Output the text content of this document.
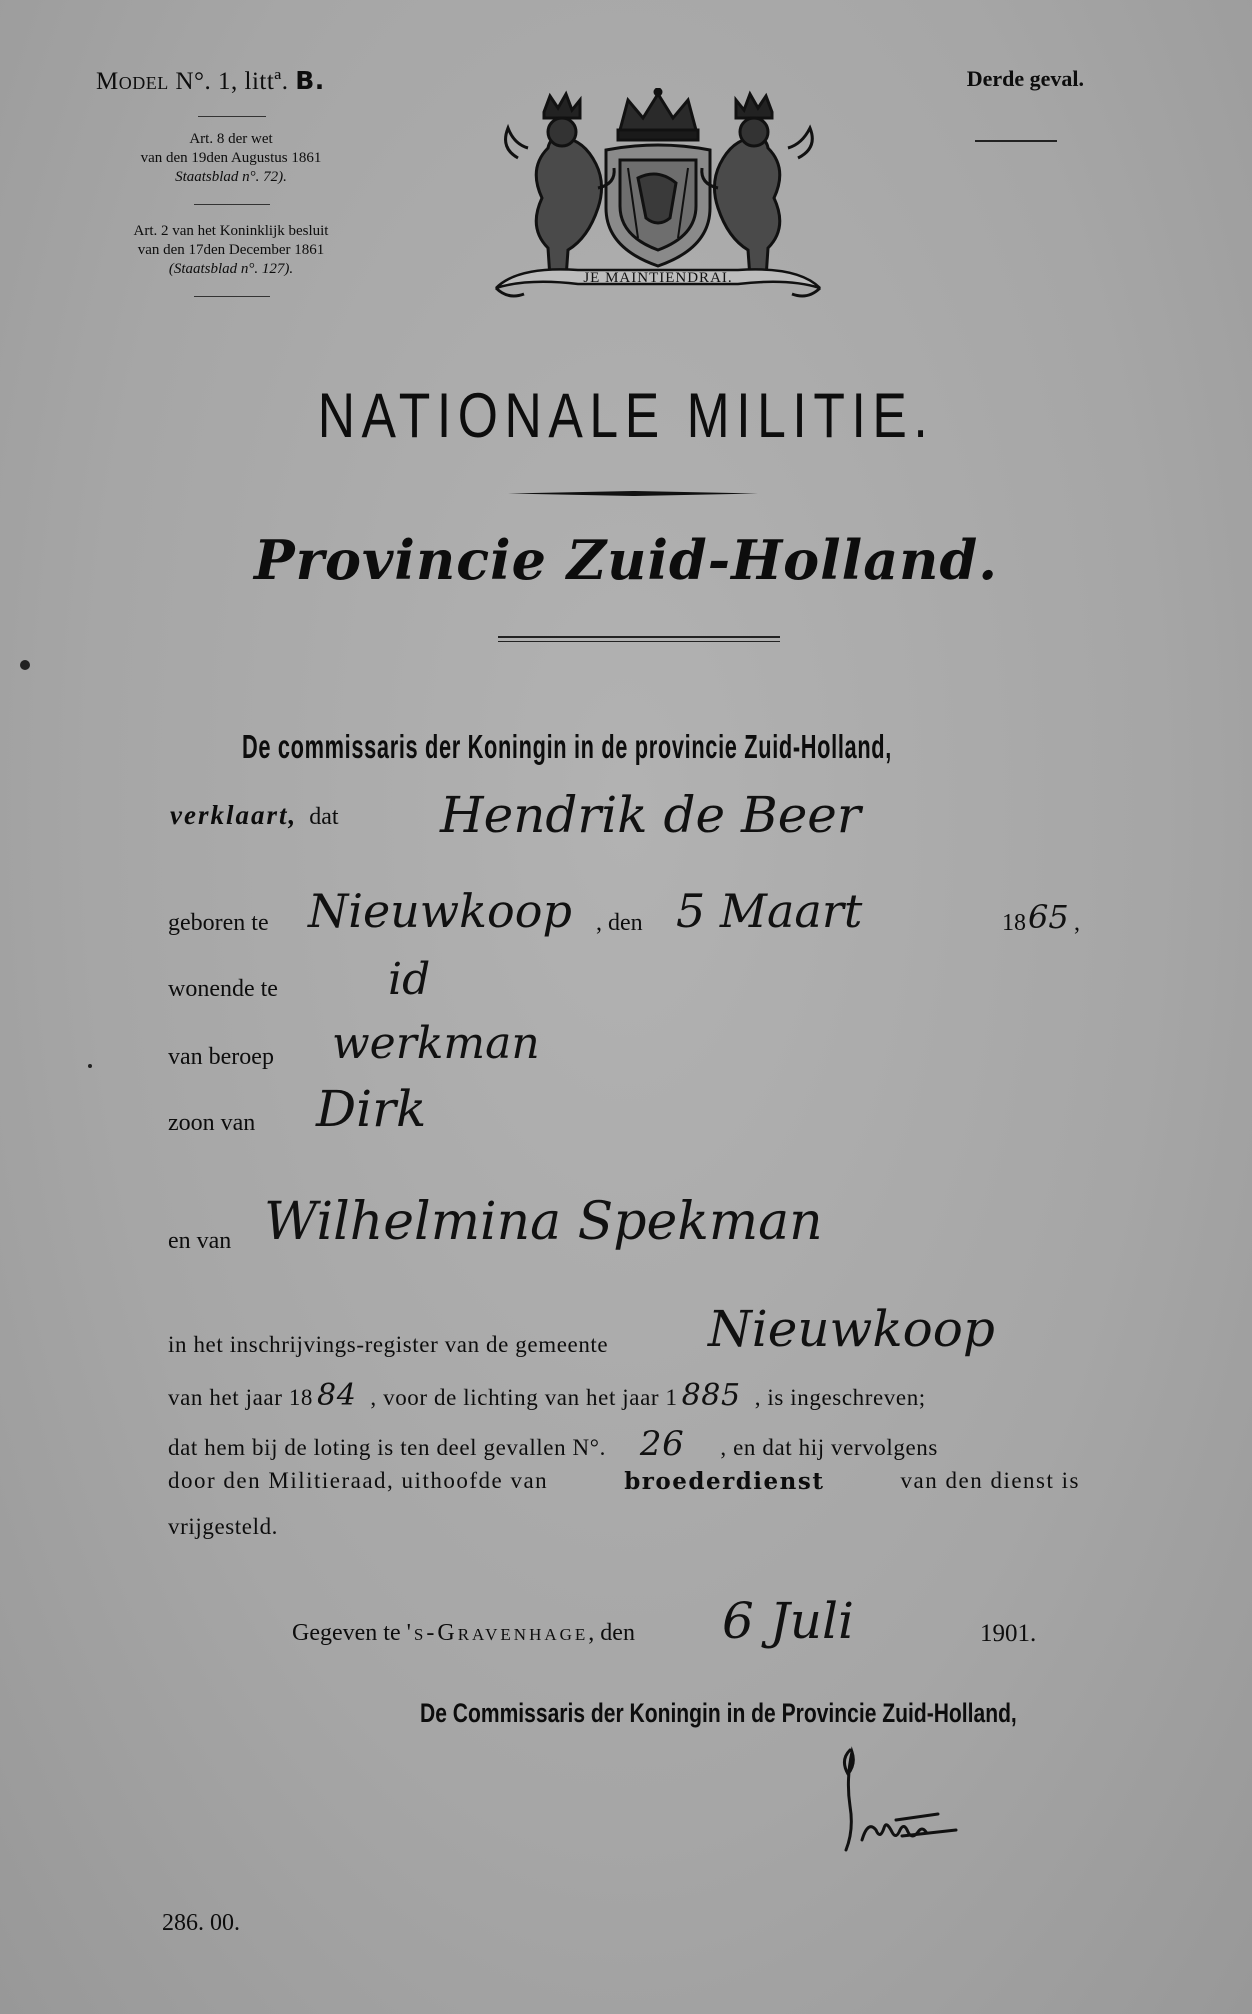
Model N°. 1, littª. B.	Derde geval.
Art. 8 der wet
van den 19den Augustus 1861
Staatsblad n°. 72).
Art. 2 van het Koninklijk besluit
van den 17den December 1861
(Staatsblad n°. 127).
JE MAINTIENDRAI.
NATIONALE MILITIE.
Provincie Zuid-Holland.
De commissaris der Koningin in de provincie Zuid-Holland,
verklaart, dat Hendrik de Beer
geboren te Nieuwkoop , den 5 Maart	18 65 ,
wonende te	id
van beroep werkman
zoon van Dirk
en van Wilhelmina Spekman
in het inschrijvings-register van de gemeente Nieuwkoop
van het jaar 18 84 , voor de lichting van het jaar 1 885 , is ingeschreven;
dat hem bij de loting is ten deel gevallen N°. 26 , en dat hij vervolgens
door den Militieraad, uithoofde van	broederdienst	van den dienst is
vrijgesteld.
Gegeven te 's-Gravenhage, den 6 Juli	1901.
De Commissaris der Koningin in de Provincie Zuid-Holland,
286. 00.
